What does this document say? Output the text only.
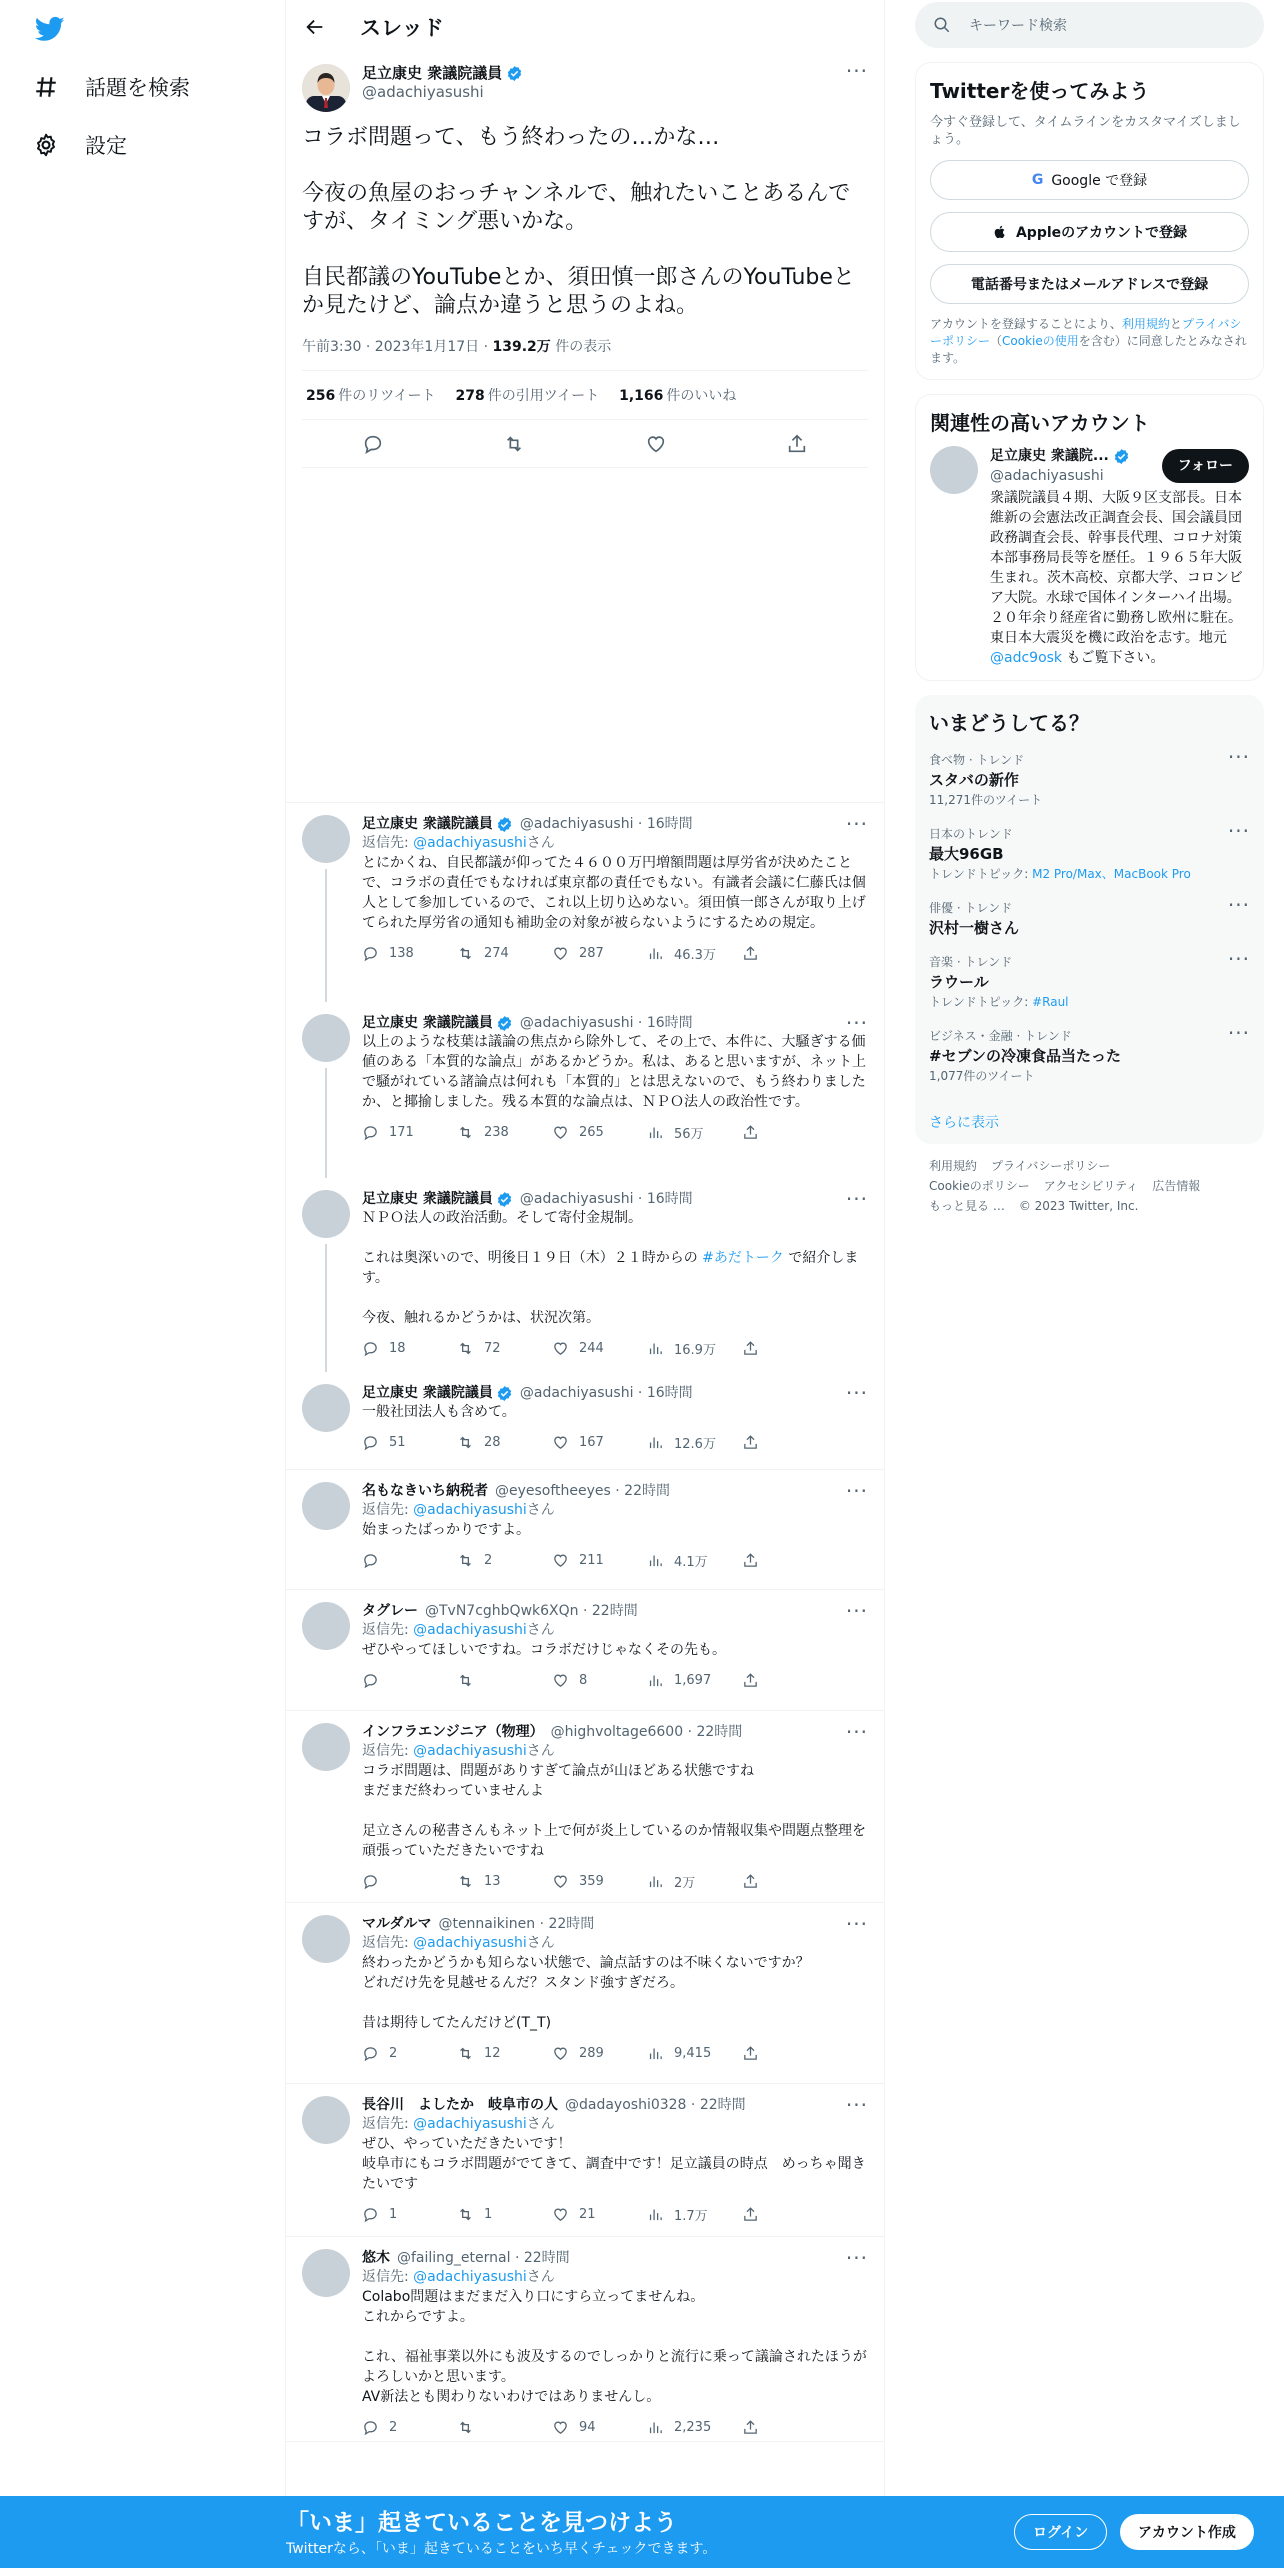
話題を検索
設定
スレッド
足立康史 衆議院議員
@adachiyasushi
···
コラボ問題って、もう終わったの…かな…

今夜の魚屋のおっチャンネルで、触れたいことあるんですが、タイミング悪いかな。

自民都議のYouTubeとか、須田慎一郎さんのYouTubeとか見たけど、論点か違うと思うのよね。
午前3:30 · 2023年1月17日 · 139.2万 件の表示
256 件のリツイート 278 件の引用ツイート 1,166 件のいいね
足立康史 衆議院議員 @adachiyasushi · 16時間	···
返信先: @adachiyasushiさん
とにかくね、自民都議が仰ってた４６００万円増額問題は厚労省が決めたことで、コラボの責任でもなければ東京都の責任でもない。有識者会議に仁藤氏は個人として参加しているので、これ以上切り込めない。須田慎一郎さんが取り上げてられた厚労省の通知も補助金の対象が被らないようにするための規定。
138	274	287	46.3万
足立康史 衆議院議員 @adachiyasushi · 16時間	···
以上のような枝葉は議論の焦点から除外して、その上で、本件に、大騒ぎする価値のある「本質的な論点」があるかどうか。私は、あると思いますが、ネット上で騒がれている諸論点は何れも「本質的」とは思えないので、もう終わりましたか、と揶揄しました。残る本質的な論点は、ＮＰＯ法人の政治性です。
171	238	265	56万
足立康史 衆議院議員 @adachiyasushi · 16時間	···
ＮＰＯ法人の政治活動。そして寄付金規制。

これは奥深いので、明後日１９日（木）２１時からの #あだトーク で紹介します。

今夜、触れるかどうかは、状況次第。
18	72	244	16.9万
足立康史 衆議院議員 @adachiyasushi · 16時間	···
一般社団法人も含めて。
51	28	167	12.6万
名もなきいち納税者 @eyesoftheeyes · 22時間	···
返信先: @adachiyasushiさん
始まったばっかりですよ。
2	211	4.1万
タグレー @TvN7cghbQwk6XQn · 22時間	···
返信先: @adachiyasushiさん
ぜひやってほしいですね。コラボだけじゃなくその先も。
8	1,697
インフラエンジニア（物理） @highvoltage6600 · 22時間	···
返信先: @adachiyasushiさん
コラボ問題は、問題がありすぎて論点が山ほどある状態ですね
まだまだ終わっていませんよ

足立さんの秘書さんもネット上で何が炎上しているのか情報収集や問題点整理を頑張っていただきたいですね
13	359	2万
マルダルマ @tennaikinen · 22時間	···
返信先: @adachiyasushiさん
終わったかどうかも知らない状態で、論点話すのは不味くないですか？
どれだけ先を見越せるんだ？スタンド強すぎだろ。

昔は期待してたんだけど(T_T)
2	12	289	9,415
長谷川　よしたか　岐阜市の人 @dadayoshi0328 · 22時間	···
返信先: @adachiyasushiさん
ぜひ、やっていただきたいです！
岐阜市にもコラボ問題がでてきて、調査中です！足立議員の時点　めっちゃ聞きたいです
1	1	21	1.7万
悠木 @failing_eternal · 22時間	···
返信先: @adachiyasushiさん
Colabo問題はまだまだ入り口にすら立ってませんね。
これからですよ。

これ、福祉事業以外にも波及するのでしっかりと流行に乗って議論されたほうがよろしいかと思います。
AV新法とも関わりないわけではありませんし。
2	94	2,235
キーワード検索
Twitterを使ってみよう
今すぐ登録して、タイムラインをカスタマイズしましょう。
G Google で登録
Appleのアカウントで登録
電話番号またはメールアドレスで登録
アカウントを登録することにより、利用規約とプライバシーポリシー（Cookieの使用を含む）に同意したとみなされます。
関連性の高いアカウント
足立康史 衆議院...
@adachiyasushi
フォロー
衆議院議員４期、大阪９区支部長。日本維新の会憲法改正調査会長、国会議員団政務調査会長、幹事長代理、コロナ対策本部事務局長等を歴任。１９６５年大阪生まれ。茨木高校、京都大学、コロンビア大院。水球で国体インターハイ出場。２０年余り経産省に勤務し欧州に駐在。東日本大震災を機に政治を志す。地元 @adc9osk もご覧下さい。
いまどうしてる？
食べ物 · トレンド
スタバの新作
11,271件のツイート
···
日本のトレンド
最大96GB
トレンドトピック: M2 Pro/Max、MacBook Pro
···
俳優 · トレンド
沢村一樹さん
···
音楽 · トレンド
ラウール
トレンドトピック: #Raul
···
ビジネス・金融 · トレンド
#セブンの冷凍食品当たった
1,077件のツイート
···
さらに表示
利用規約 プライバシーポリシー
Cookieのポリシー アクセシビリティ 広告情報
もっと見る … © 2023 Twitter, Inc.
「いま」起きていることを見つけよう
Twitterなら、「いま」起きていることをいち早くチェックできます。
ログイン	アカウント作成
